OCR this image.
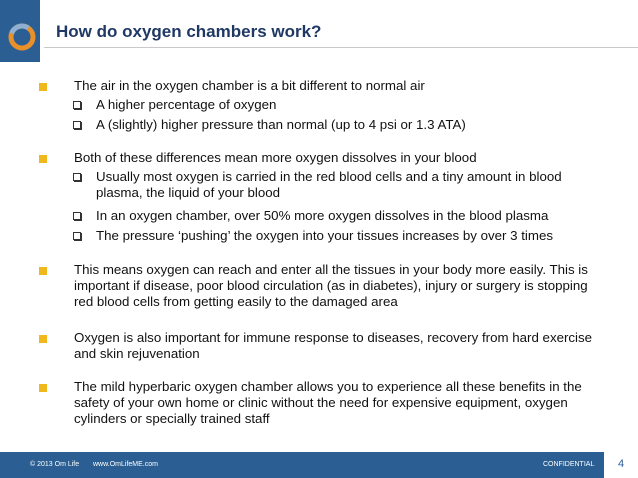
How do oxygen chambers work?
The air in the oxygen chamber is a bit different to normal air
A higher percentage of oxygen
A (slightly) higher pressure than normal (up to 4 psi or 1.3 ATA)
Both of these differences mean more oxygen dissolves in your blood
Usually most oxygen is carried in the red blood cells and a tiny amount in blood plasma, the liquid of your blood
In an oxygen chamber, over 50% more oxygen dissolves in the blood plasma
The pressure ‘pushing’ the oxygen into your tissues increases by over 3 times
This means oxygen can reach and enter all the tissues in your body more easily. This is important if disease, poor blood circulation (as in diabetes), injury or surgery is stopping red blood cells from getting easily to the damaged area
Oxygen is also important for immune response to diseases, recovery from hard exercise and skin rejuvenation
The mild hyperbaric oxygen chamber allows you to experience all these benefits in the safety of your own home or clinic without the need for expensive equipment, oxygen cylinders or specially trained staff
© 2013 Om Life www.OmLifeME.com	CONFIDENTIAL	4
